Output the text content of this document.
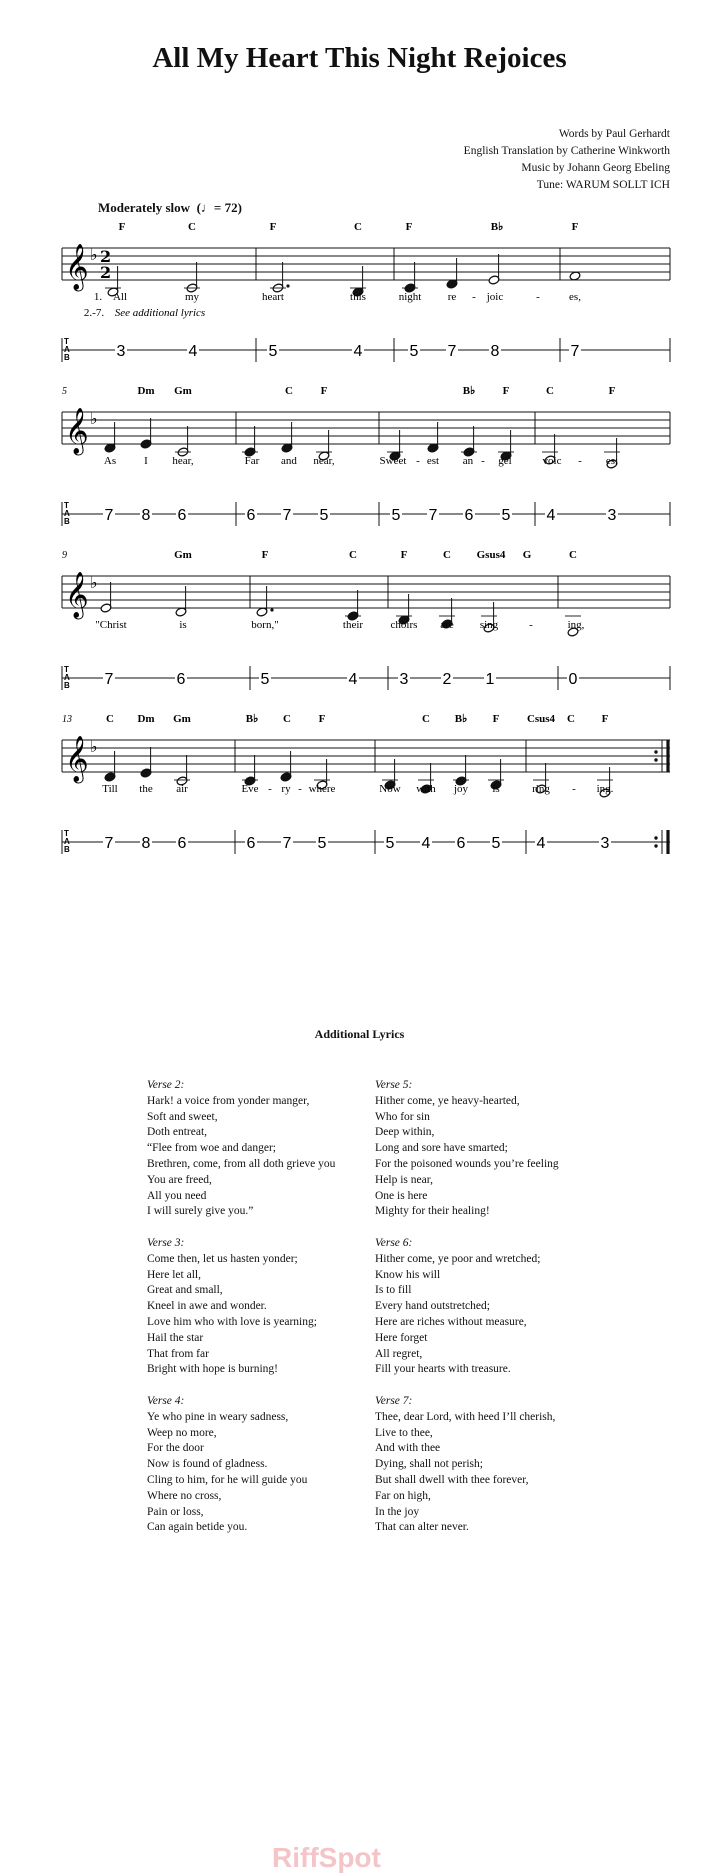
All My Heart This Night Rejoices
Words by Paul Gerhardt
English Translation by Catherine Winkworth
Music by Johann Georg Ebeling
Tune: WARUM SOLLT ICH
Moderately slow  (♩= 72)
𝄞 ♭ 2
2
T
A
B
F	C	F	C	F	B♭	F
1. All	my	heart	this	night re - joic	-	es,
2.-7. See additional lyrics
3	4	5	4	5 7 8	7
𝄞 ♭
T
A
B
5	Dm Gm	C	F	B♭ F	C	F
As	I hear,	Far and near,	Sweet - est an - gel	voic - es;
7 8 6	6 7 5	5 7 6 5 4	3
𝄞 ♭
T
A
B
9	Gm	F	C	F	C Gsus4 G	C
"Christ	is	born,"	their choirs are sing	-	ing,
7	6	5	4	3 2 1	0
𝄞 ♭
T
A
B
13	C Dm Gm	B♭ C	F	C B♭ F	Csus4 C F
Till the air	Eve - ry - where	Now with joy is	ring - ing.
7 8 6	6 7 5	5 4 6 5 4	3
Additional Lyrics
Verse 2:
Hark! a voice from yonder manger,
Soft and sweet,
Doth entreat,
“Flee from woe and danger;
Brethren, come, from all doth grieve you
You are freed,
All you need
I will surely give you.”
Verse 3:
Come then, let us hasten yonder;
Here let all,
Great and small,
Kneel in awe and wonder.
Love him who with love is yearning;
Hail the star
That from far
Bright with hope is burning!
Verse 4:
Ye who pine in weary sadness,
Weep no more,
For the door
Now is found of gladness.
Cling to him, for he will guide you
Where no cross,
Pain or loss,
Can again betide you.
Verse 5:
Hither come, ye heavy-hearted,
Who for sin
Deep within,
Long and sore have smarted;
For the poisoned wounds you’re feeling
Help is near,
One is here
Mighty for their healing!
Verse 6:
Hither come, ye poor and wretched;
Know his will
Is to fill
Every hand outstretched;
Here are riches without measure,
Here forget
All regret,
Fill your hearts with treasure.
Verse 7:
Thee, dear Lord, with heed I’ll cherish,
Live to thee,
And with thee
Dying, shall not perish;
But shall dwell with thee forever,
Far on high,
In the joy
That can alter never.
RiffSpot
